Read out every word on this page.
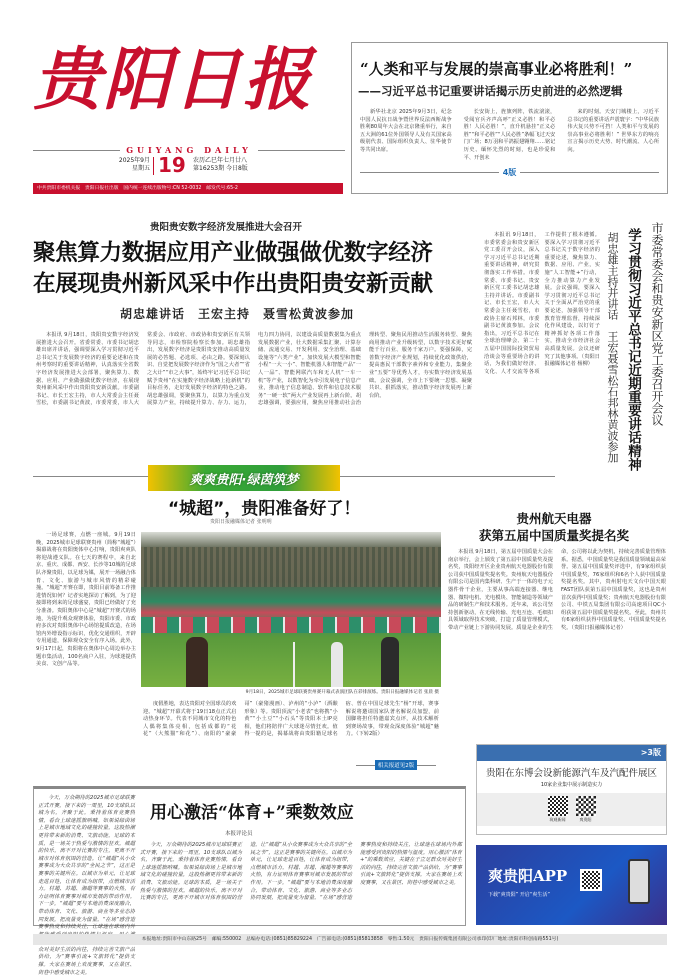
贵阳日报
GUIYANG DAILY
2025年9月
星期五 19 农历乙巳年七月廿八
第16253期 今日8版
中共贵阳市委机关报　贵阳日报社出版　国内统一连续出版物号:CN 52-0032　邮发代号:65-2
“人类和平与发展的崇高事业必将胜利！”
——习近平总书记重要讲话揭示历史前进的必然逻辑
新华社北京 2025年9月3日，纪念中国人民抗日战争暨世界反法西斯战争胜利80周年大会在北京隆重举行，来自五大洲的61位外国领导人及有关国家高级别代表、国际组织负责人、驻华使节等共同出席。
长安街上，旌旗列阵，铁流滚滚，受阅官兵齐声高呼“正义必胜！和平必胜！人民必胜！”，直升机悬挂“正义必胜”“和平必胜”“人民必胜”条幅飞过天安门广场；8万羽和平鸽振翅翱翔……铭记历史、缅怀先烈的时刻，也是珍爱和平、开创未
来的时刻。天安门城楼上，习近平总书记的重要讲话声震寰宇：“中华民族伟大复兴势不可挡！人类和平与发展的崇高事业必将胜利！” 世界东方的响亮宣言揭示历史大势、时代潮流、人心所向。
4版
贵阳贵安数字经济发展推进大会召开
聚焦算力数据应用产业做强做优数字经济
在展现贵州新风采中作出贵阳贵安新贡献
胡忠雄讲话　王宏主持　聂雪松黄波参加
本报讯 9月18日，贵阳贵安数字经济发展推进大会召开。省委常委、市委书记胡忠雄出席并讲话，强调要深入学习贯彻习近平总书记关于发展数字经济的重要论述和在贵州考察时的重要讲话精神，认真落实全省数字经济发展推进大会部署，聚焦算力、数据、应用、产业做强做优数字经济，在展现贵州新风采中作出贵阳贵安新贡献。市委副书记、市长王宏主持，市人大常委会主任聂雪松，市委副书记黄波，市委常委，市人大常委会、市政府、市政协和贵安新区有关领导同志，市检察院检察长参加。胡忠雄指出，发展数字经济是贵阳贵安推动高质量发展的必答题、必选项、必由之路。要深刻认识、自觉把发展数字经济作为“国之大者”“省之大计”“市之大事”，始终牢记习近平总书记赋予贵州“在实施数字经济战略上抢新机”的目标任务，走好发展数字经济的特色之路。胡忠雄强调，要聚焦算力，以算力为重点发展算力产业，持续提升算力、存力、运力，电力四力协同，以建设高质量数据集为重点发展数据产业，壮大数据采集汇聚、计算存储、流通交易、开发利用、安全治理、基础设施等“六类产业”。加快发展大模型和智能小程“一大一小”、智能机器人和智能产品“一人一品”、智能网联汽车和无人机“一车一机”等产业，以数智化为牵引发展电子信息产业，推动电子信息制造、软件和信息技术服务“一硬一软”两大产业发展再上新台阶。胡忠雄强调，要强应用，聚焦应用推动社会治理转型、聚焦民用推动生活服务转型、聚焦商用推动产业升级转型，以数字技术更好赋能千行百业、服务千家万户。要强保障，完善数字经济产业规划，持续优化政策供给，提高惠民干部数字素养和专业能力，集聚企业“五要”导优秀人才，夯实数字经济发展基础。会议强调，全市上下要统一思想、凝聚共识、狠抓落实，推动数字经济发展再上新台阶。
本报讯 9月18日，市委常委会和贵安新区党工委召开会议，深入学习习近平总书记近期重要讲话精神，研究贯彻落实工作举措。市委常委、市委书记、贵安新区党工委书记胡忠雄主持并讲话。市委副书记、市长王宏，市人大常委会主任聂雪松，市政协主席石邦林，市委副书记黄波参加。会议指出，习近平总书记在全球治理峰会、第二十五届中国国际投资贸易洽谈会等重要场合的讲话，为我们做好经济、文化、人才交流等各项工作提供了根本遵循。要深入学习贯彻习近平总书记关于数字经济的重要论述，聚焦算力、数据、应用、产业，实施“人工智能+”行动，全力推动算力产业发展。会议强调，要深入学习贯彻习近平总书记关于全面从严治党的重要论述，加强领导干部教育管理监督，持续深化作风建设，以钉钉子精神抓好各项工作落实，推动全市经济社会高质量发展。会议还研究了其他事项。（贵阳日报融媒体记者 杨柳）	市委常委会和贵安新区党工委召开会议
学习贯彻习近平总书记近期重要讲话精神
胡忠雄主持并讲话　王宏聂雪松石邦林黄波参加
爽爽贵阳·绿茵筑梦
“城超”，贵阳准备好了！
贵阳日报融媒体记者 张明明
一场足球赛，点燃一座城。9月19日晚，2025城市足球联赛贵州（简称“城超”）揭幕战将在贵阳奥体中心打响，贵阳爽爽队将迎战遵义队。在七天的赛程中，来自北京、重庆、成都、西安、长沙等10城的足球队齐聚贵阳，以足球为媒，展开一场融合体育、文化、旅游与城市风情的精彩碰撞。“城超”开赛在即，贵阳目前筹备工作推进情况如何？记者实地探访了解到，为了迎接即将到来的足球盛宴，贵阳已经做好了充分准备。贵阳奥体中心是“城超”开赛式的场地，为提升观众观赛体验，贵阳市委、市政府多次对贵阳奥体中心场馆提质改造，在场馆内外增设指示标识，优化交通组织，开辟专用通道，保障观众安全有序入场。此外，9月17日起，贵阳将在奥体中心周边举办主题市集活动，100名商户入驻，为球迷提供美食、文创产品等。
9月18日，2025城市足球联赛贵州赛开幕式表演团队在彩排演练。贵阳日报融媒体记者 张晨 摄
度假胜地，表达贵阳对全国球员的欢迎。“城超”开幕式将于19日18点正式启动热身环节。代表不同城市文化的特色人偶将集体亮相，包括成都的“花花”（大熊猫“和花”）、南阳的“豪豪哥”（豪猪漫画）、泸州的“小泸”（酒酿形象）等。贵阳顶流“小老表”也将携“小黄”“小土豆”“小石头”等贵阳本土IP亮相，他们将陪伴广大球迷尽情狂欢。值得一提的是，揭幕战将由贵阳籍足球名宿、曾在中国足球先生“杨”开球，赛事解说将邀请国家队著名解说员加盟，前国脚将担任特邀嘉宾点评，从技术解析到赛场故事，带观众深度体验“城超”魅力。（下转2版）
相关报道见2版
贵州航天电器
获第五届中国质量奖提名奖
本报讯 9月18日，第五届中国质量大会在南京举行，会上颁发了第五届中国质量奖及提名奖，贵阳经开区企业贵州航天电器股份有限公司获中国质量奖提名奖。贵州航天电器股份有限公司是国内集科研、生产于一体的电子元器件骨干企业，主要从事高端连接器、继电器、微特电机、光电模块、智能制造等领域产品的研制生产和技术服务。近年来，该公司坚持创新驱动，在无线传输、光电互连、毛细扣具领域取得技术突破，打造了质量管理模式，带动产业链上下游协同发展。质量是企业的生命，公司将以此为契机，持续完善质量管理体系。据悉，中国质量奖是我国质量领域最高荣誉。第五届中国质量奖评选中，有9家组织获中国质量奖，76家组织和6名个人获中国质量奖提名奖。其中，贵州射电天文台中国天眼FAST团队获第五届中国质量奖，这也是贵州首次获得中国质量奖；贵州航天电器股份有限公司、中铁五局集团有限公司高速项目QC小组获第五届中国质量奖提名奖。至此，贵州共有6家组织获得中国质量奖、中国质量奖提名奖。（贵阳日报融媒体记者）
今天，万众期待的2025城市足球联赛正式开赛，接下来的一周里，10支球队以城为名，齐聚于此。秉持着体育竞赛热情，看台上球迷摇旗呐喊。如果说绿茵场上是城市地域文化的碰撞较量，这股热潮更将带来新的消费、文旅动能。足球的本质，是一场关于热爱与激情的狂欢。城超的快乐，离不开对比赛的专注，更离不开城市对体育氛围的营造。让“城超”从小众赛事成为大众共享的“全民之节”，这正是赛事的关键所在。以城市为单元，让足球走进百姓，让体育成为纽带，点燃城市活力。村超、苏超、湘超等赛事的火热，有力证明体育赛事对城市发展的带动作用。下一步，“城超”要与本地消费深度融合，带动体育、文化、旅游、商业等多业态协同发展，把流量变为留量。“在场”感营造赛事热度和持续关注，让球迷在球场内外 众对美好生活的向往，持续完善文旅产品供给，为“赛事引流+文旅转化”提供支撑。大家在赛场上欢度赛事，又在景区、街巷中感受城市之美。
用心激活“体育+”乘数效应
本报评论员
今天，万众期待的2025城市足球联赛正式开赛，接下来的一周里，10支球队以城为名，齐聚于此。秉持着体育竞赛热情，看台上球迷摇旗呐喊。如果说绿茵场上是城市地域文化的碰撞较量，这股热潮更将带来新的消费、文旅动能。足球的本质，是一场关于热爱与激情的狂欢。城超的快乐，离不开对比赛的专注，更离不开城市对体育氛围的营造。让“城超”从小众赛事成为大众共享的“全民之节”，这正是赛事的关键所在。以城市为单元，让足球走进百姓，让体育成为纽带，点燃城市活力。村超、苏超、湘超等赛事的火热，有力证明体育赛事对城市发展的带动作用。下一步，“城超”要与本地消费深度融合，带动体育、文化、旅游、商业等多业态协同发展，把流量变为留量。“在场”感营造赛事热度和持续关注，让球迷在球场内外都能感受到贵阳的热情与温度。用心激活“体育+”的乘数效应，关键在于立足群众对美好生活的向往，持续完善文旅产品供给，为“赛事引流+文旅转化”提供支撑。大家在赛场上欢度赛事，又在景区、街巷中感受城市之美。
>3版
贵阳在东博会设新能源汽车及汽配件展区
10家企业集中展示制造实力
筑观新闻	爽贵阳
爽贵阳APP
下载“爽贵阳” 开启“爽生活”
本报地址:贵阳市中山东路25号　邮编:550002　总编办电话:(0851)85829224　广告部电话:(0851)85813858　零售:1.50元　贵阳日报传媒集团有限公司承印(印厂地址:贵阳市科创南路551号)
